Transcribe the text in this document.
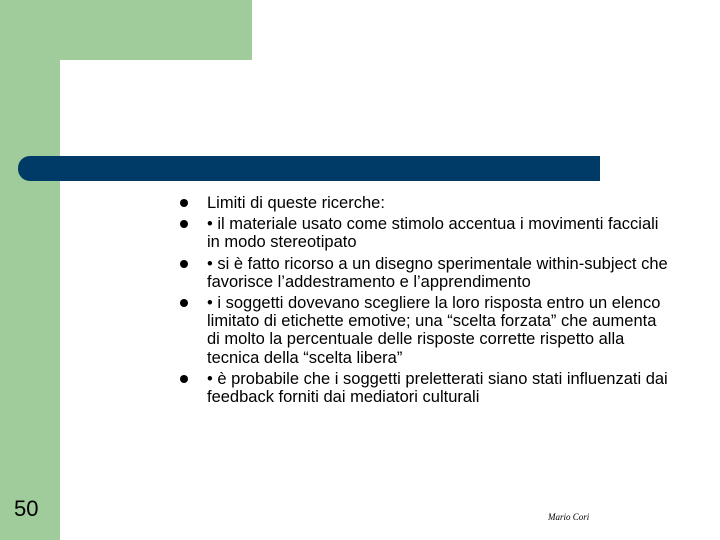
Limiti di queste ricerche:
• il materiale usato come stimolo accentua i movimenti facciali in modo stereotipato
• si è fatto ricorso a un disegno sperimentale within-subject che favorisce l’addestramento e l’apprendimento
• i soggetti dovevano scegliere la loro risposta entro un elenco limitato di etichette emotive; una “scelta forzata” che aumenta di molto la percentuale delle risposte corrette rispetto alla tecnica della “scelta libera”
• è probabile che i soggetti preletterati siano stati influenzati dai feedback forniti dai mediatori culturali
50	Mario Cori
